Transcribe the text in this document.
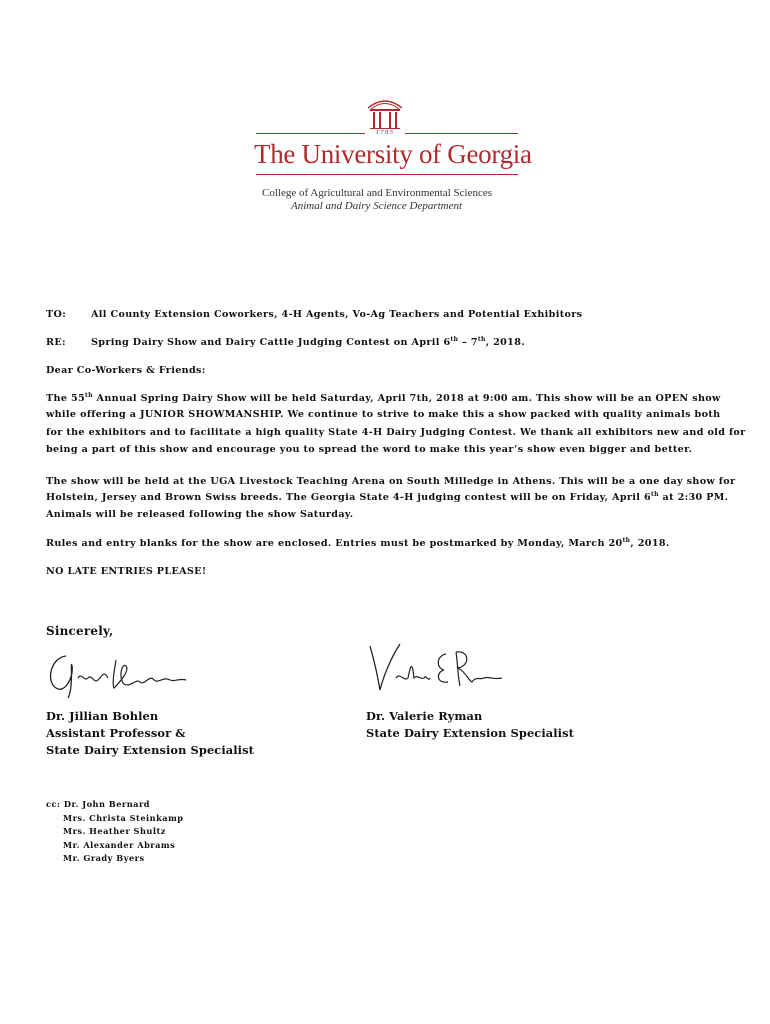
1785
The University of Georgia
College of Agricultural and Environmental Sciences
Animal and Dairy Science Department
TO:	All County Extension Coworkers, 4-H Agents, Vo-Ag Teachers and Potential Exhibitors
RE:	Spring Dairy Show and Dairy Cattle Judging Contest on April 6th – 7th, 2018.
Dear Co-Workers & Friends:
The 55th Annual Spring Dairy Show will be held Saturday, April 7th, 2018 at 9:00 am. This show will be an OPEN show
while offering a JUNIOR SHOWMANSHIP. We continue to strive to make this a show packed with quality animals both
for the exhibitors and to facilitate a high quality State 4-H Dairy Judging Contest. We thank all exhibitors new and old for
being a part of this show and encourage you to spread the word to make this year’s show even bigger and better.
The show will be held at the UGA Livestock Teaching Arena on South Milledge in Athens. This will be a one day show for
Holstein, Jersey and Brown Swiss breeds. The Georgia State 4-H judging contest will be on Friday, April 6th at 2:30 PM.
Animals will be released following the show Saturday.
Rules and entry blanks for the show are enclosed. Entries must be postmarked by Monday, March 20th, 2018.
NO LATE ENTRIES PLEASE!
Sincerely,
Dr. Jillian Bohlen
Assistant Professor &
State Dairy Extension Specialist
Dr. Valerie Ryman
State Dairy Extension Specialist
cc: Dr. John Bernard
Mrs. Christa Steinkamp
Mrs. Heather Shultz
Mr. Alexander Abrams
Mr. Grady Byers
